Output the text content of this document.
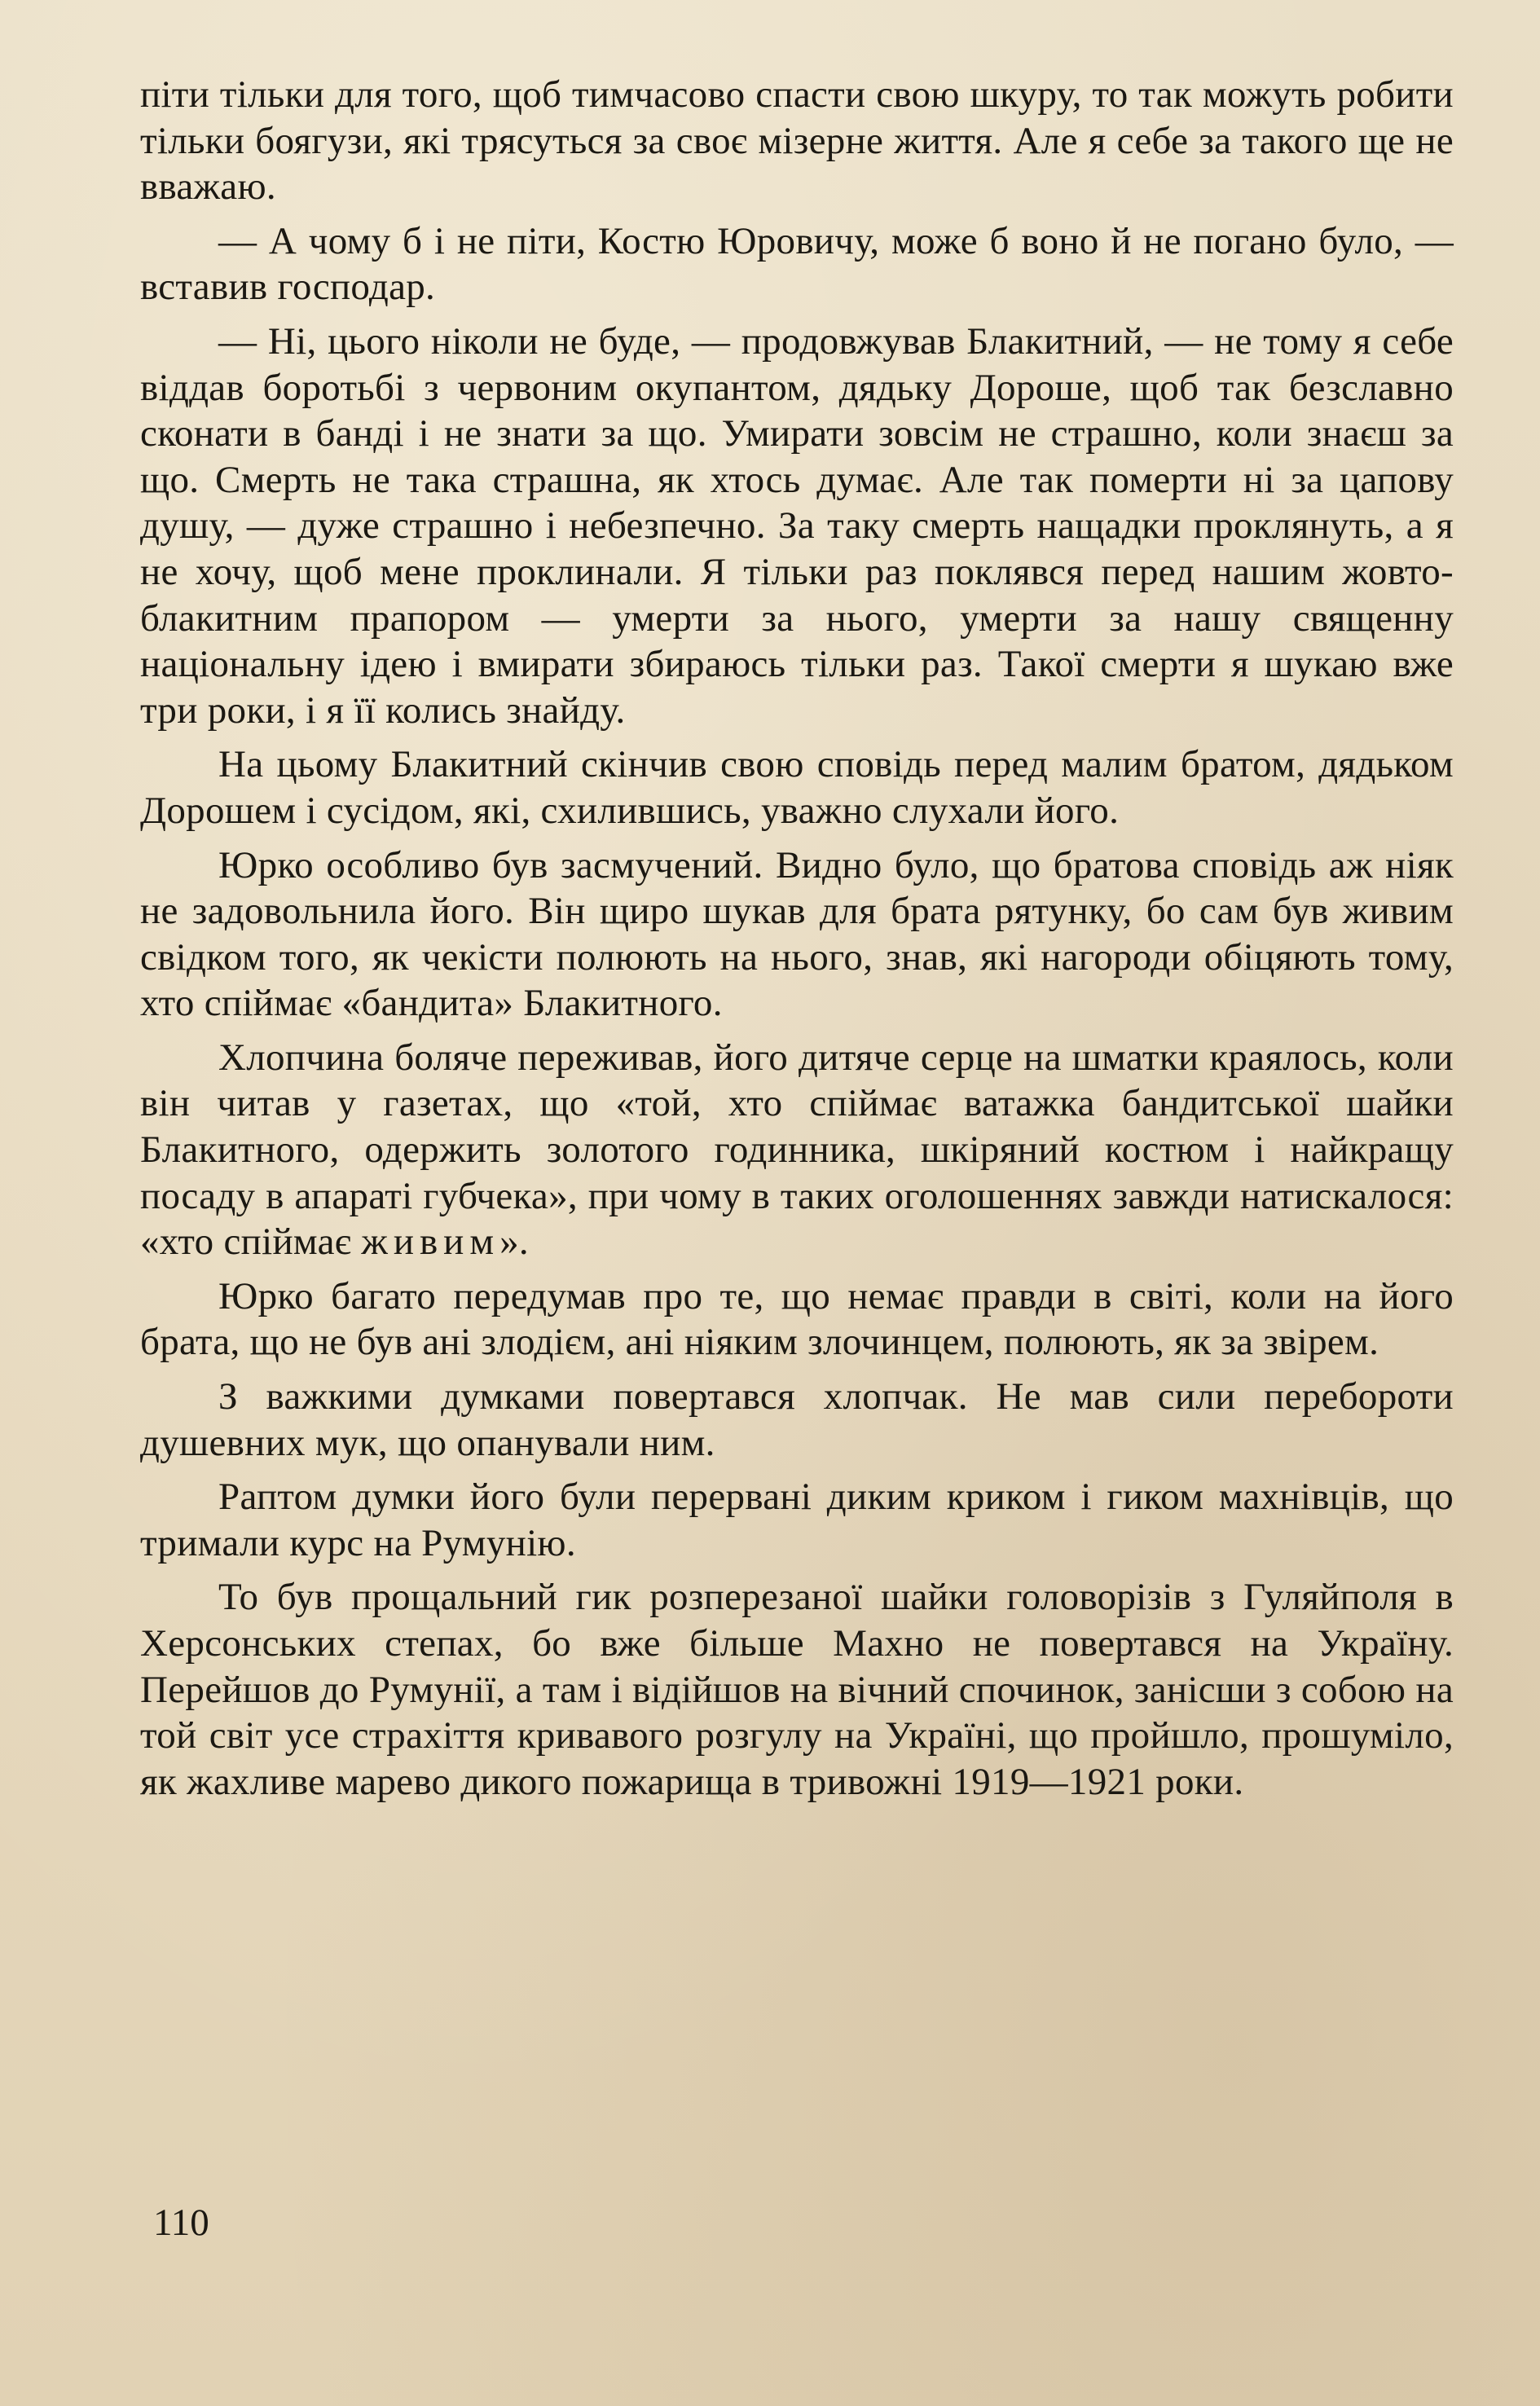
піти тільки для того, щоб тимчасово спасти свою шкуру, то так можуть робити тільки боягузи, які трясуться за своє мізерне життя. Але я себе за такого ще не вважаю.

— А чому б і не піти, Костю Юровичу, може б воно й не погано було, — вставив господар.

— Ні, цього ніколи не буде, — продовжував Блакитний, — не тому я себе віддав боротьбі з червоним окупантом, дядьку Дороше, щоб так безславно сконати в банді і не знати за що. Умирати зовсім не страшно, коли знаєш за що. Смерть не така страшна, як хтось думає. Але так померти ні за цапову душу, — дуже страшно і небезпечно. За таку смерть нащадки проклянуть, а я не хочу, щоб мене проклинали. Я тільки раз поклявся перед нашим жовто-блакитним прапором — умерти за нього, умерти за нашу священну національну ідею і вмирати збираюсь тільки раз. Такої смерти я шукаю вже три роки, і я її колись знайду.

На цьому Блакитний скінчив свою сповідь перед малим братом, дядьком Дорошем і сусідом, які, схилившись, уважно слухали його.

Юрко особливо був засмучений. Видно було, що братова сповідь аж ніяк не задовольнила його. Він щиро шукав для брата рятунку, бо сам був живим свідком того, як чекісти полюють на нього, знав, які нагороди обіцяють тому, хто спіймає «бандита» Блакитного.

Хлопчина боляче переживав, його дитяче серце на шматки краялось, коли він читав у газетах, що «той, хто спіймає ватажка бандитської шайки Блакитного, одержить золотого годинника, шкіряний костюм і найкращу посаду в апараті губчека», при чому в таких оголошеннях завжди натискалося: «хто спіймає живим».

Юрко багато передумав про те, що немає правди в світі, коли на його брата, що не був ані злодієм, ані ніяким злочинцем, полюють, як за звірем.

З важкими думками повертався хлопчак. Не мав сили перебороти душевних мук, що опанували ним.

Раптом думки його були перервані диким криком і гиком махнівців, що тримали курс на Румунію.

То був прощальний гик розперезаної шайки головорізів з Гуляйполя в Херсонських степах, бо вже більше Махно не повертався на Україну. Перейшов до Румунії, а там і відійшов на вічний спочинок, занісши з собою на той світ усе страхіття кривавого розгулу на Україні, що пройшло, прошуміло, як жахливе марево дикого пожарища в тривожні 1919—1921 роки.

110
